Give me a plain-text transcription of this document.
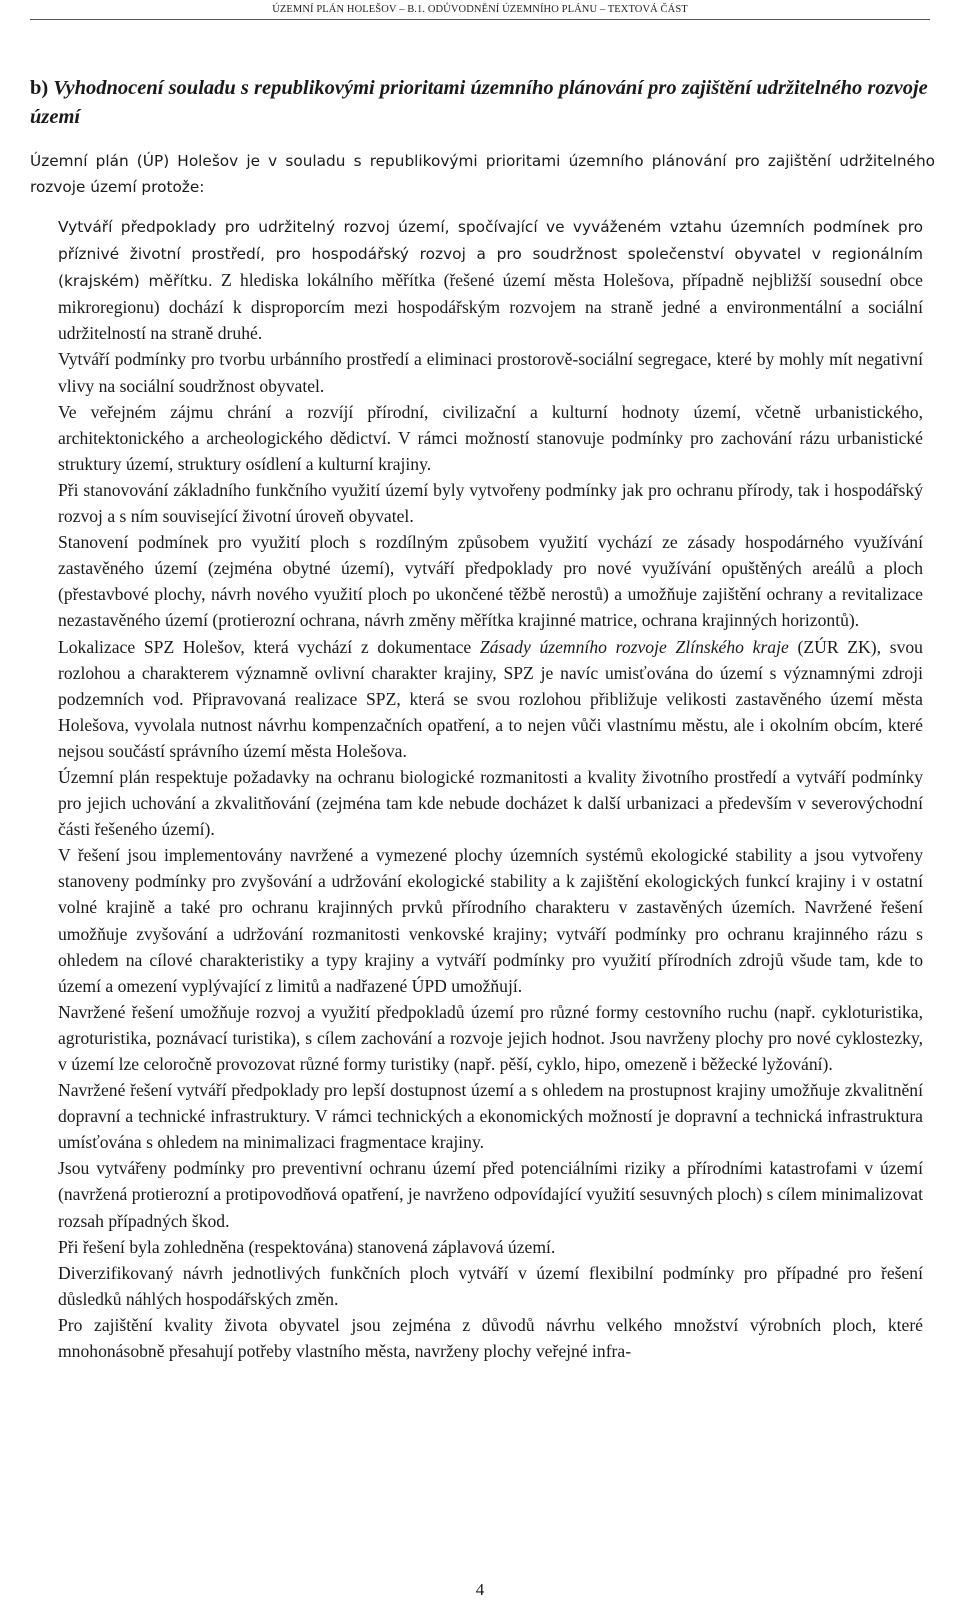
ÚZEMNÍ PLÁN HOLEŠOV – B.1. ODŮVODNĚNÍ ÚZEMNÍHO PLÁNU – TEXTOVÁ ČÁST
b) Vyhodnocení souladu s republikovými prioritami územního plánování pro zajištění udržitelného rozvoje území

Územní plán (ÚP) Holešov je v souladu s republikovými prioritami územního plánování pro zajištění udržitelného rozvoje území protože:

Vytváří předpoklady pro udržitelný rozvoj území, spočívající ve vyváženém vztahu územních podmínek pro příznivé životní prostředí, pro hospodářský rozvoj a pro soudržnost společenství obyvatel v regionálním (krajském) měřítku. Z hlediska lokálního měřítka (řešené území města Holešova, případně nejbližší sousední obce mikroregionu) dochází k disproporcím mezi hospodářským rozvojem na straně jedné a environmentální a sociální udržitelností na straně druhé.
Vytváří podmínky pro tvorbu urbánního prostředí a eliminaci prostorově-sociální segregace, které by mohly mít negativní vlivy na sociální soudržnost obyvatel.
Ve veřejném zájmu chrání a rozvíjí přírodní, civilizační a kulturní hodnoty území, včetně urbanistického, architektonického a archeologického dědictví. V rámci možností stanovuje podmínky pro zachování rázu urbanistické struktury území, struktury osídlení a kulturní krajiny.
Při stanovování základního funkčního využití území byly vytvořeny podmínky jak pro ochranu přírody, tak i hospodářský rozvoj a s ním související životní úroveň obyvatel.
Stanovení podmínek pro využití ploch s rozdílným způsobem využití vychází ze zásady hospodárného využívání zastavěného území (zejména obytné území), vytváří předpoklady pro nové využívání opuštěných areálů a ploch (přestavbové plochy, návrh nového využití ploch po ukončené těžbě nerostů) a umožňuje zajištění ochrany a revitalizace nezastavěného území (protierozní ochrana, návrh změny měřítka krajinné matrice, ochrana krajinných horizontů).
Lokalizace SPZ Holešov, která vychází z dokumentace Zásady územního rozvoje Zlínského kraje (ZÚR ZK), svou rozlohou a charakterem významně ovlivní charakter krajiny, SPZ je navíc umisťována do území s významnými zdroji podzemních vod. Připravovaná realizace SPZ, která se svou rozlohou přibližuje velikosti zastavěného území města Holešova, vyvolala nutnost návrhu kompenzačních opatření, a to nejen vůči vlastnímu městu, ale i okolním obcím, které nejsou součástí správního území města Holešova.
Územní plán respektuje požadavky na ochranu biologické rozmanitosti a kvality životního prostředí a vytváří podmínky pro jejich uchování a zkvalitňování (zejména tam kde nebude docházet k další urbanizaci a především v severovýchodní části řešeného území).
V řešení jsou implementovány navržené a vymezené plochy územních systémů ekologické stability a jsou vytvořeny stanoveny podmínky pro zvyšování a udržování ekologické stability a k zajištění ekologických funkcí krajiny i v ostatní volné krajině a také pro ochranu krajinných prvků přírodního charakteru v zastavěných územích. Navržené řešení umožňuje zvyšování a udržování rozmanitosti venkovské krajiny; vytváří podmínky pro ochranu krajinného rázu s ohledem na cílové charakteristiky a typy krajiny a vytváří podmínky pro využití přírodních zdrojů všude tam, kde to území a omezení vyplývající z limitů a nadřazené ÚPD umožňují.
Navržené řešení umožňuje rozvoj a využití předpokladů území pro různé formy cestovního ruchu (např. cykloturistika, agroturistika, poznávací turistika), s cílem zachování a rozvoje jejich hodnot. Jsou navrženy plochy pro nové cyklostezky, v území lze celoročně provozovat různé formy turistiky (např. pěší, cyklo, hipo, omezeně i běžecké lyžování).
Navržené řešení vytváří předpoklady pro lepší dostupnost území a s ohledem na prostupnost krajiny umožňuje zkvalitnění dopravní a technické infrastruktury. V rámci technických a ekonomických možností je dopravní a technická infrastruktura umísťována s ohledem na minimalizaci fragmentace krajiny.
Jsou vytvářeny podmínky pro preventivní ochranu území před potenciálními riziky a přírodními katastrofami v území (navržená protierozní a protipovodňová opatření, je navrženo odpovídající využití sesuvných ploch) s cílem minimalizovat rozsah případných škod.
Při řešení byla zohledněna (respektována) stanovená záplavová území.
Diverzifikovaný návrh jednotlivých funkčních ploch vytváří v území flexibilní podmínky pro případné pro řešení důsledků náhlých hospodářských změn.
Pro zajištění kvality života obyvatel jsou zejména z důvodů návrhu velkého množství výrobních ploch, které mnohonásobně přesahují potřeby vlastního města, navrženy plochy veřejné infra-
4
